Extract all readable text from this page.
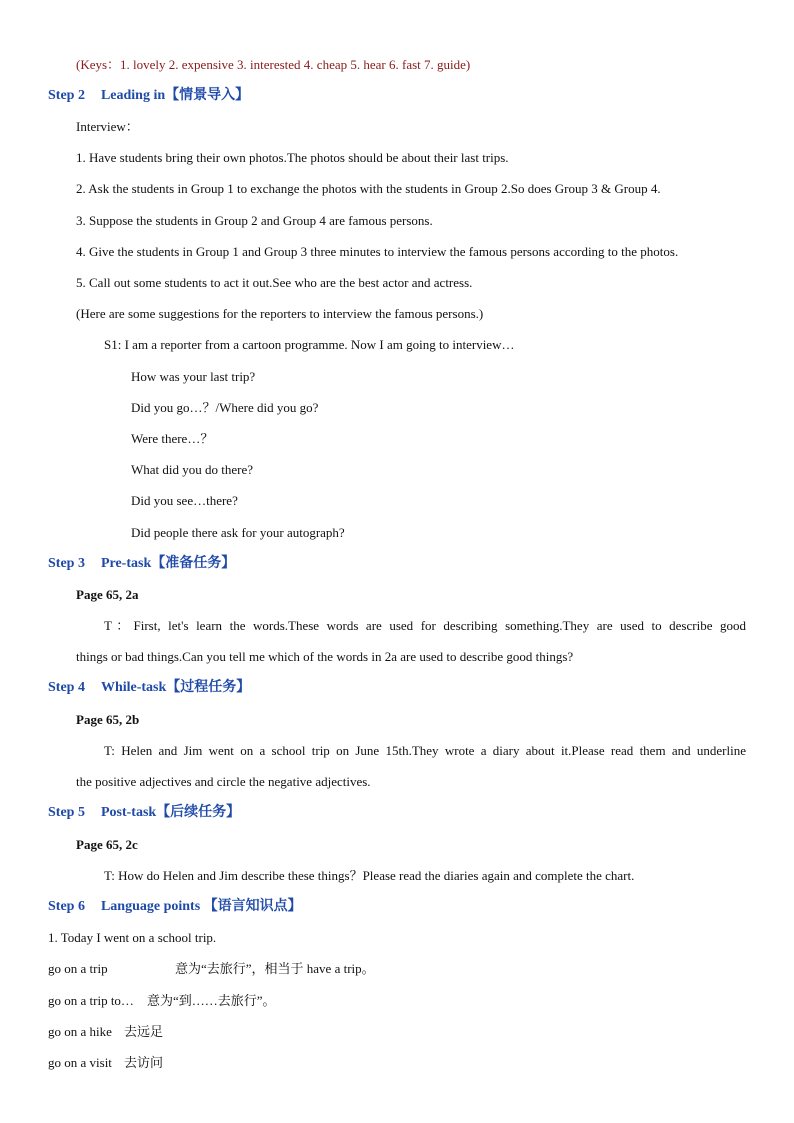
(Keys：1. lovely 2. expensive 3. interested 4. cheap 5. hear 6. fast 7. guide)
Step 2 Leading in【情景导入】
Interview：
1. Have students bring their own photos.The photos should be about their last trips.
2. Ask the students in Group 1 to exchange the photos with the students in Group 2.So does Group 3 & Group 4.
3. Suppose the students in Group 2 and Group 4 are famous persons.
4. Give the students in Group 1 and Group 3 three minutes to interview the famous persons according to the photos.
5. Call out some students to act it out.See who are the best actor and actress.
(Here are some suggestions for the reporters to interview the famous persons.)
S1: I am a reporter from a cartoon programme. Now I am going to interview…
How was your last trip?
Did you go…？/Where did you go?
Were there…？
What did you do there?
Did you see…there?
Did people there ask for your autograph?
Step 3 Pre-task【准备任务】
Page 65, 2a
T：First, let's learn the words.These words are used for describing something.They are used to describe good
things or bad things.Can you tell me which of the words in 2a are used to describe good things?
Step 4 While-task【过程任务】
Page 65, 2b
T: Helen and Jim went on a school trip on June 15th.They wrote a diary about it.Please read them and underline
the positive adjectives and circle the negative adjectives.
Step 5 Post-task【后续任务】
Page 65, 2c
T: How do Helen and Jim describe these things？Please read the diaries again and complete the chart.
Step 6 Language points 【语言知识点】
1. Today I went on a school trip.
go on a trip	意为“去旅行”，相当于 have a trip。
go on a trip to… 意为“到……去旅行”。
go on a hike 去远足
go on a visit 去访问
